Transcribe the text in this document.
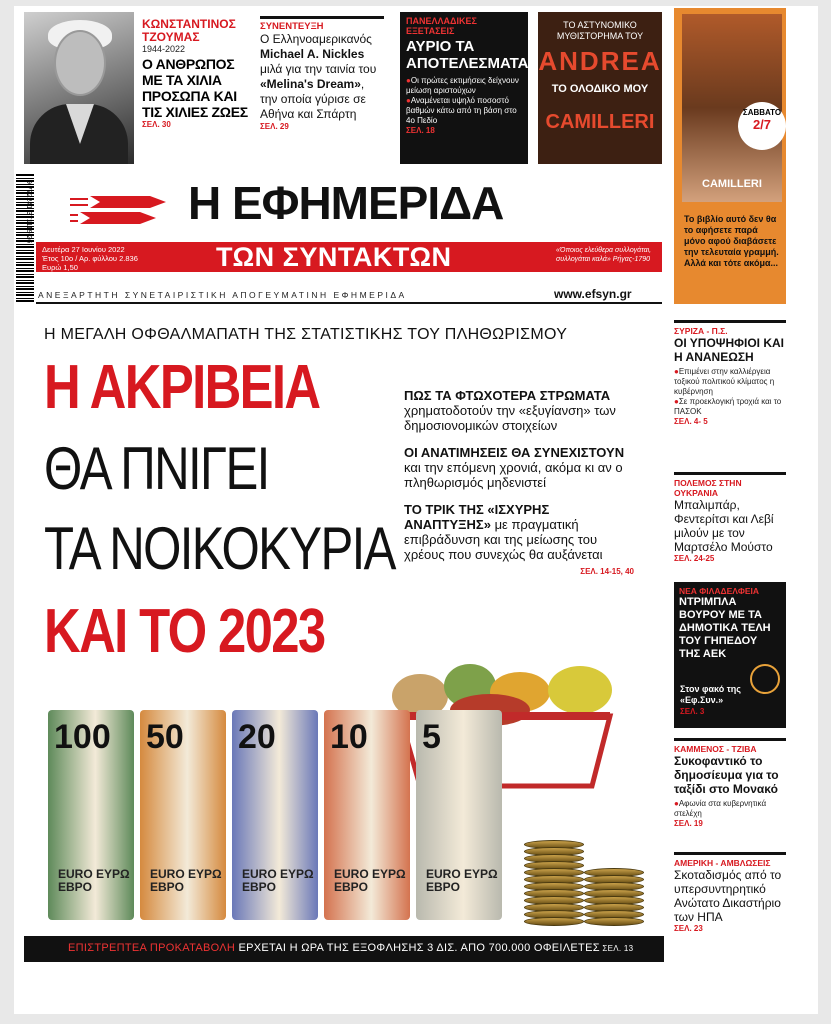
ΚΩΝΣΤΑΝΤΙΝΟΣ ΤΖΟΥΜΑΣ
1944-2022
Ο ΑΝΘΡΩΠΟΣ ΜΕ ΤΑ ΧΙΛΙΑ ΠΡΟΣΩΠΑ ΚΑΙ ΤΙΣ ΧΙΛΙΕΣ ΖΩΕΣ
ΣΕΛ. 30
ΣΥΝΕΝΤΕΥΞΗ
Ο Ελληνοαμερικανός Michael A. Nickles μιλά για την ταινία του «Melina's Dream», την οποία γύρισε σε Αθήνα και Σπάρτη
ΣΕΛ. 29
ΠΑΝΕΛΛΑΔΙΚΕΣ ΕΞΕΤΑΣΕΙΣ
ΑΥΡΙΟ ΤΑ ΑΠΟΤΕΛΕΣΜΑΤΑ
● Οι πρώτες εκτιμήσεις δείχνουν μείωση αριστούχων
● Αναμένεται υψηλό ποσοστό βαθμών κάτω από τη βάση στο 4ο Πεδίο
ΣΕΛ. 18
ΤΟ ΑΣΤΥΝΟΜΙΚΟ ΜΥΘΙΣΤΟΡΗΜΑ ΤΟΥ
ANDREA
ΤΟ ΟΛΟΔΙΚΟ ΜΟΥ
CAMILLERI
CAMILLERI
ΣΑΒΒΑΤΟ
2/7
Το βιβλίο αυτό δεν θα το αφήσετε παρά μόνο αφού διαβάσετε την τελευταία γραμμή. Αλλά και τότε ακόμα...
9 772241 371119 26	Η ΕΦΗΜΕΡΙΔΑ
Δευτέρα 27 Ιουνίου 2022
Έτος 10ο / Αρ. φύλλου 2.836
Ευρώ 1,50	ΤΩΝ ΣΥΝΤΑΚΤΩΝ	«Όποιος ελεύθερα συλλογάται, συλλογάται καλά» Ρήγας-1790
ΑΝΕΞΑΡΤΗΤΗ ΣΥΝΕΤΑΙΡΙΣΤΙΚΗ ΑΠΟΓΕΥΜΑΤΙΝΗ ΕΦΗΜΕΡΙΔΑ	www.efsyn.gr
Η ΜΕΓΑΛΗ ΟΦΘΑΛΜΑΠΑΤΗ ΤΗΣ ΣΤΑΤΙΣΤΙΚΗΣ ΤΟΥ ΠΛΗΘΩΡΙΣΜΟΥ
Η ΑΚΡΙΒΕΙΑ
ΘΑ ΠΝΙΓΕΙ
ΤΑ ΝΟΙΚΟΚΥΡΙΑ
ΚΑΙ ΤΟ 2023

ΠΩΣ ΤΑ ΦΤΩΧΟΤΕΡΑ ΣΤΡΩΜΑΤΑ χρηματοδοτούν την «εξυγίανση» των δημοσιονομικών στοιχείων

ΟΙ ΑΝΑΤΙΜΗΣΕΙΣ ΘΑ ΣΥΝΕΧΙΣΤΟΥΝ και την επόμενη χρονιά, ακόμα κι αν ο πληθωρισμός μηδενιστεί

ΤΟ ΤΡΙΚ ΤΗΣ «ΙΣΧΥΡΗΣ ΑΝΑΠΤΥΞΗΣ» με πραγματική επιβράδυνση και της μείωσης του χρέους που συνεχώς θα αυξάνεται
ΣΕΛ. 14-15, 40

100
EURO ΕΥΡΩ ΕΒΡО
50
EURO ΕΥΡΩ ΕΒΡО
20
EURO ΕΥΡΩ ΕΒΡО
10
EURO ΕΥΡΩ ΕΒΡО
5
EURO ΕΥΡΩ ΕΒΡО
ΕΠΙΣΤΡΕΠΤΕΑ ΠΡΟΚΑΤΑΒΟΛΗ ΕΡΧΕΤΑΙ Η ΩΡΑ ΤΗΣ ΕΞΟΦΛΗΣΗΣ 3 ΔΙΣ. ΑΠΟ 700.000 ΟΦΕΙΛΕΤΕΣ ΣΕΛ. 13
ΣΥΡΙΖΑ - Π.Σ.
ΟΙ ΥΠΟΨΗΦΙΟΙ ΚΑΙ Η ΑΝΑΝΕΩΣΗ
● Επιμένει στην καλλιέργεια τοξικού πολιτικού κλίματος η κυβέρνηση
● Σε προεκλογική τροχιά και το ΠΑΣΟΚ
ΣΕΛ. 4- 5
ΠΟΛΕΜΟΣ ΣΤΗΝ ΟΥΚΡΑΝΙΑ
Μπαλιμπάρ, Φεντερίτσι και Λεβί μιλούν με τον Μαρτσέλο Μούστο
ΣΕΛ. 24-25
ΝΕΑ ΦΙΛΑΔΕΛΦΕΙΑ
ΝΤΡΙΜΠΛΑ ΒΟΥΡΟΥ ΜΕ ΤΑ ΔΗΜΟΤΙΚΑ ΤΕΛΗ ΤΟΥ ΓΗΠΕΔΟΥ ΤΗΣ ΑΕΚ
Στον φακό της «Εφ.Συν.»
ΣΕΛ. 3
ΚΑΜΜΕΝΟΣ - ΤΖΙΒΑ
Συκοφαντικό το δημοσίευμα για το ταξίδι στο Μονακό
● Αφωνία στα κυβερνητικά στελέχη
ΣΕΛ. 19
ΑΜΕΡΙΚΗ - ΑΜΒΛΩΣΕΙΣ
Σκοταδισμός από το υπερσυντηρητικό Ανώτατο Δικαστήριο των ΗΠΑ
ΣΕΛ. 23
